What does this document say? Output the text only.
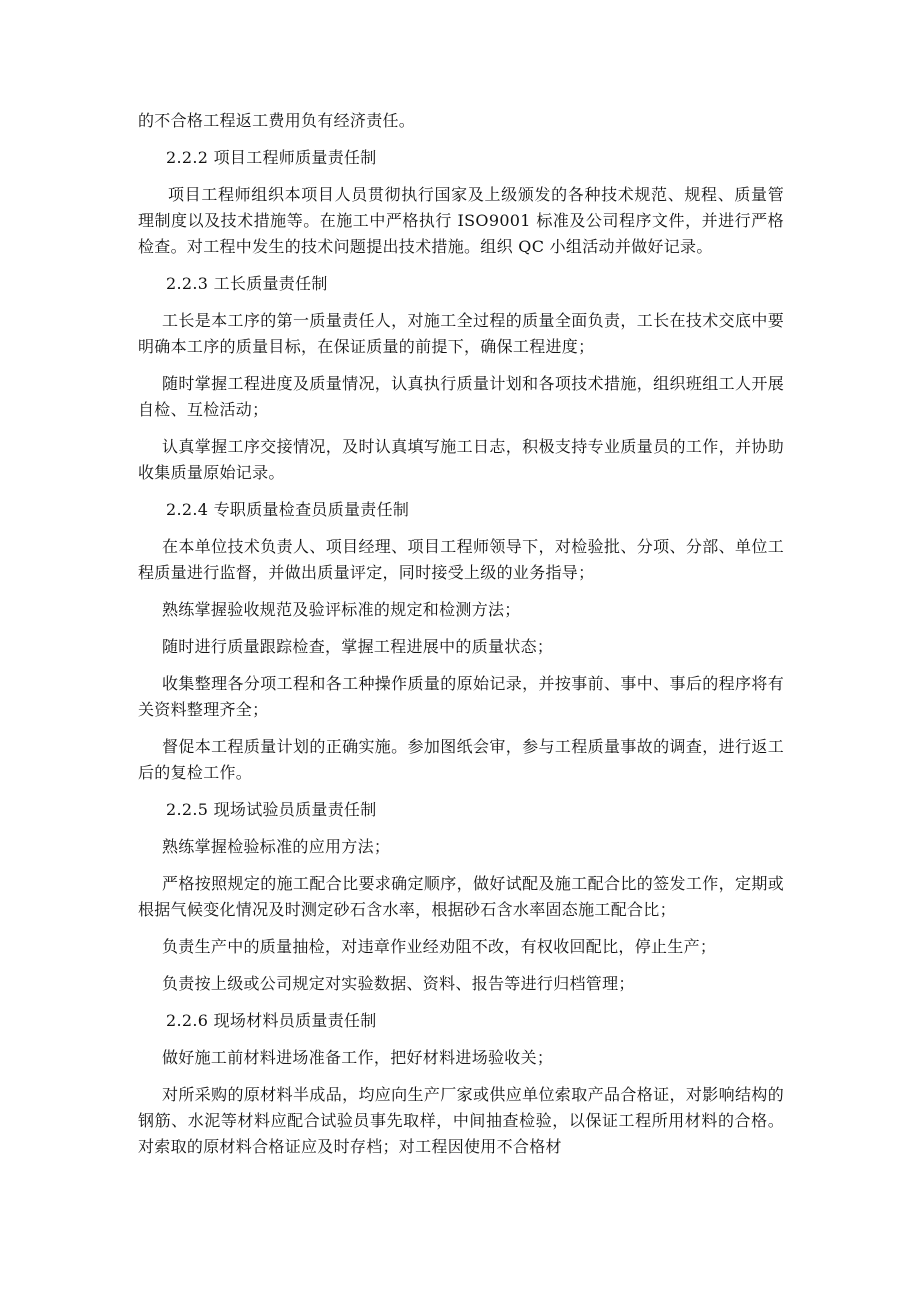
的不合格工程返工费用负有经济责任。

2.2.2 项目工程师质量责任制

项目工程师组织本项目人员贯彻执行国家及上级颁发的各种技术规范、规程、质量管理制度以及技术措施等。在施工中严格执行 ISO9001 标准及公司程序文件，并进行严格检查。对工程中发生的技术问题提出技术措施。组织 QC 小组活动并做好记录。

2.2.3 工长质量责任制

工长是本工序的第一质量责任人，对施工全过程的质量全面负责，工长在技术交底中要明确本工序的质量目标，在保证质量的前提下，确保工程进度；

随时掌握工程进度及质量情况，认真执行质量计划和各项技术措施，组织班组工人开展自检、互检活动；

认真掌握工序交接情况，及时认真填写施工日志，积极支持专业质量员的工作，并协助收集质量原始记录。

2.2.4 专职质量检查员质量责任制

在本单位技术负责人、项目经理、项目工程师领导下，对检验批、分项、分部、单位工程质量进行监督，并做出质量评定，同时接受上级的业务指导；

熟练掌握验收规范及验评标准的规定和检测方法；

随时进行质量跟踪检查，掌握工程进展中的质量状态；

收集整理各分项工程和各工种操作质量的原始记录，并按事前、事中、事后的程序将有关资料整理齐全；

督促本工程质量计划的正确实施。参加图纸会审，参与工程质量事故的调查，进行返工后的复检工作。

2.2.5 现场试验员质量责任制

熟练掌握检验标准的应用方法；

严格按照规定的施工配合比要求确定顺序，做好试配及施工配合比的签发工作，定期或根据气候变化情况及时测定砂石含水率，根据砂石含水率固态施工配合比；

负责生产中的质量抽检，对违章作业经劝阻不改，有权收回配比，停止生产；

负责按上级或公司规定对实验数据、资料、报告等进行归档管理；

2.2.6 现场材料员质量责任制

做好施工前材料进场准备工作，把好材料进场验收关；

对所采购的原材料半成品，均应向生产厂家或供应单位索取产品合格证，对影响结构的钢筋、水泥等材料应配合试验员事先取样，中间抽查检验，以保证工程所用材料的合格。对索取的原材料合格证应及时存档；对工程因使用不合格材
